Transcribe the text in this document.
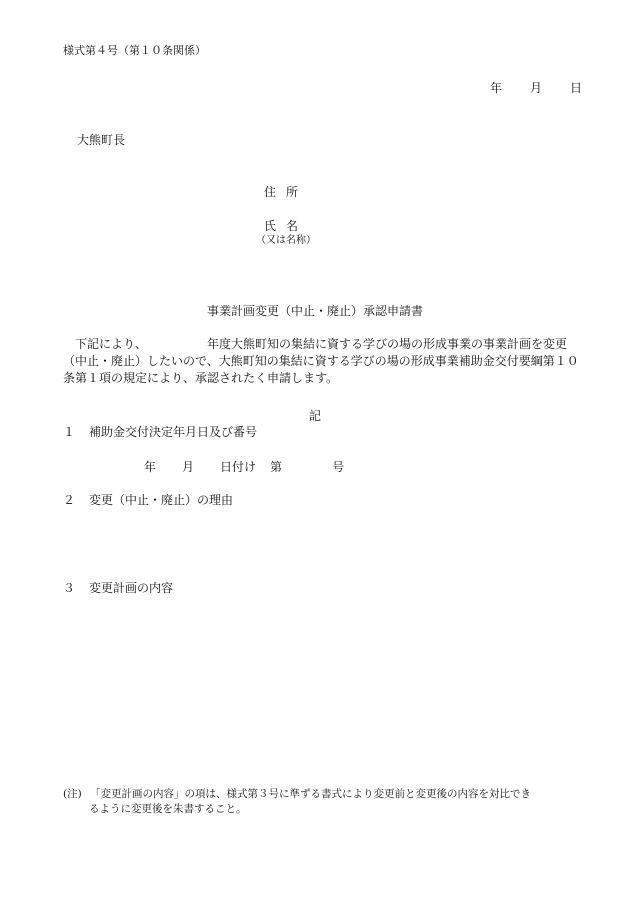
様式第４号（第１０条関係）
年 月 日
大熊町長
住所
氏名
（又は名称）
事業計画変更（中止・廃止）承認申請書
下記により、	年度大熊町知の集結に資する学びの場の形成事業の事業計画を変更（中止・廃止）したいので、大熊町知の集結に資する学びの場の形成事業補助金交付要綱第１０条第１項の規定により、承認されたく申請します。
記
１ 補助金交付決定年月日及び番号
年 月 日付け 第	号
２ 変更（中止・廃止）の理由
３ 変更計画の内容
(注) 「変更計画の内容」の項は、様式第３号に準ずる書式により変更前と変更後の内容を対比でき
るように変更後を朱書すること。
